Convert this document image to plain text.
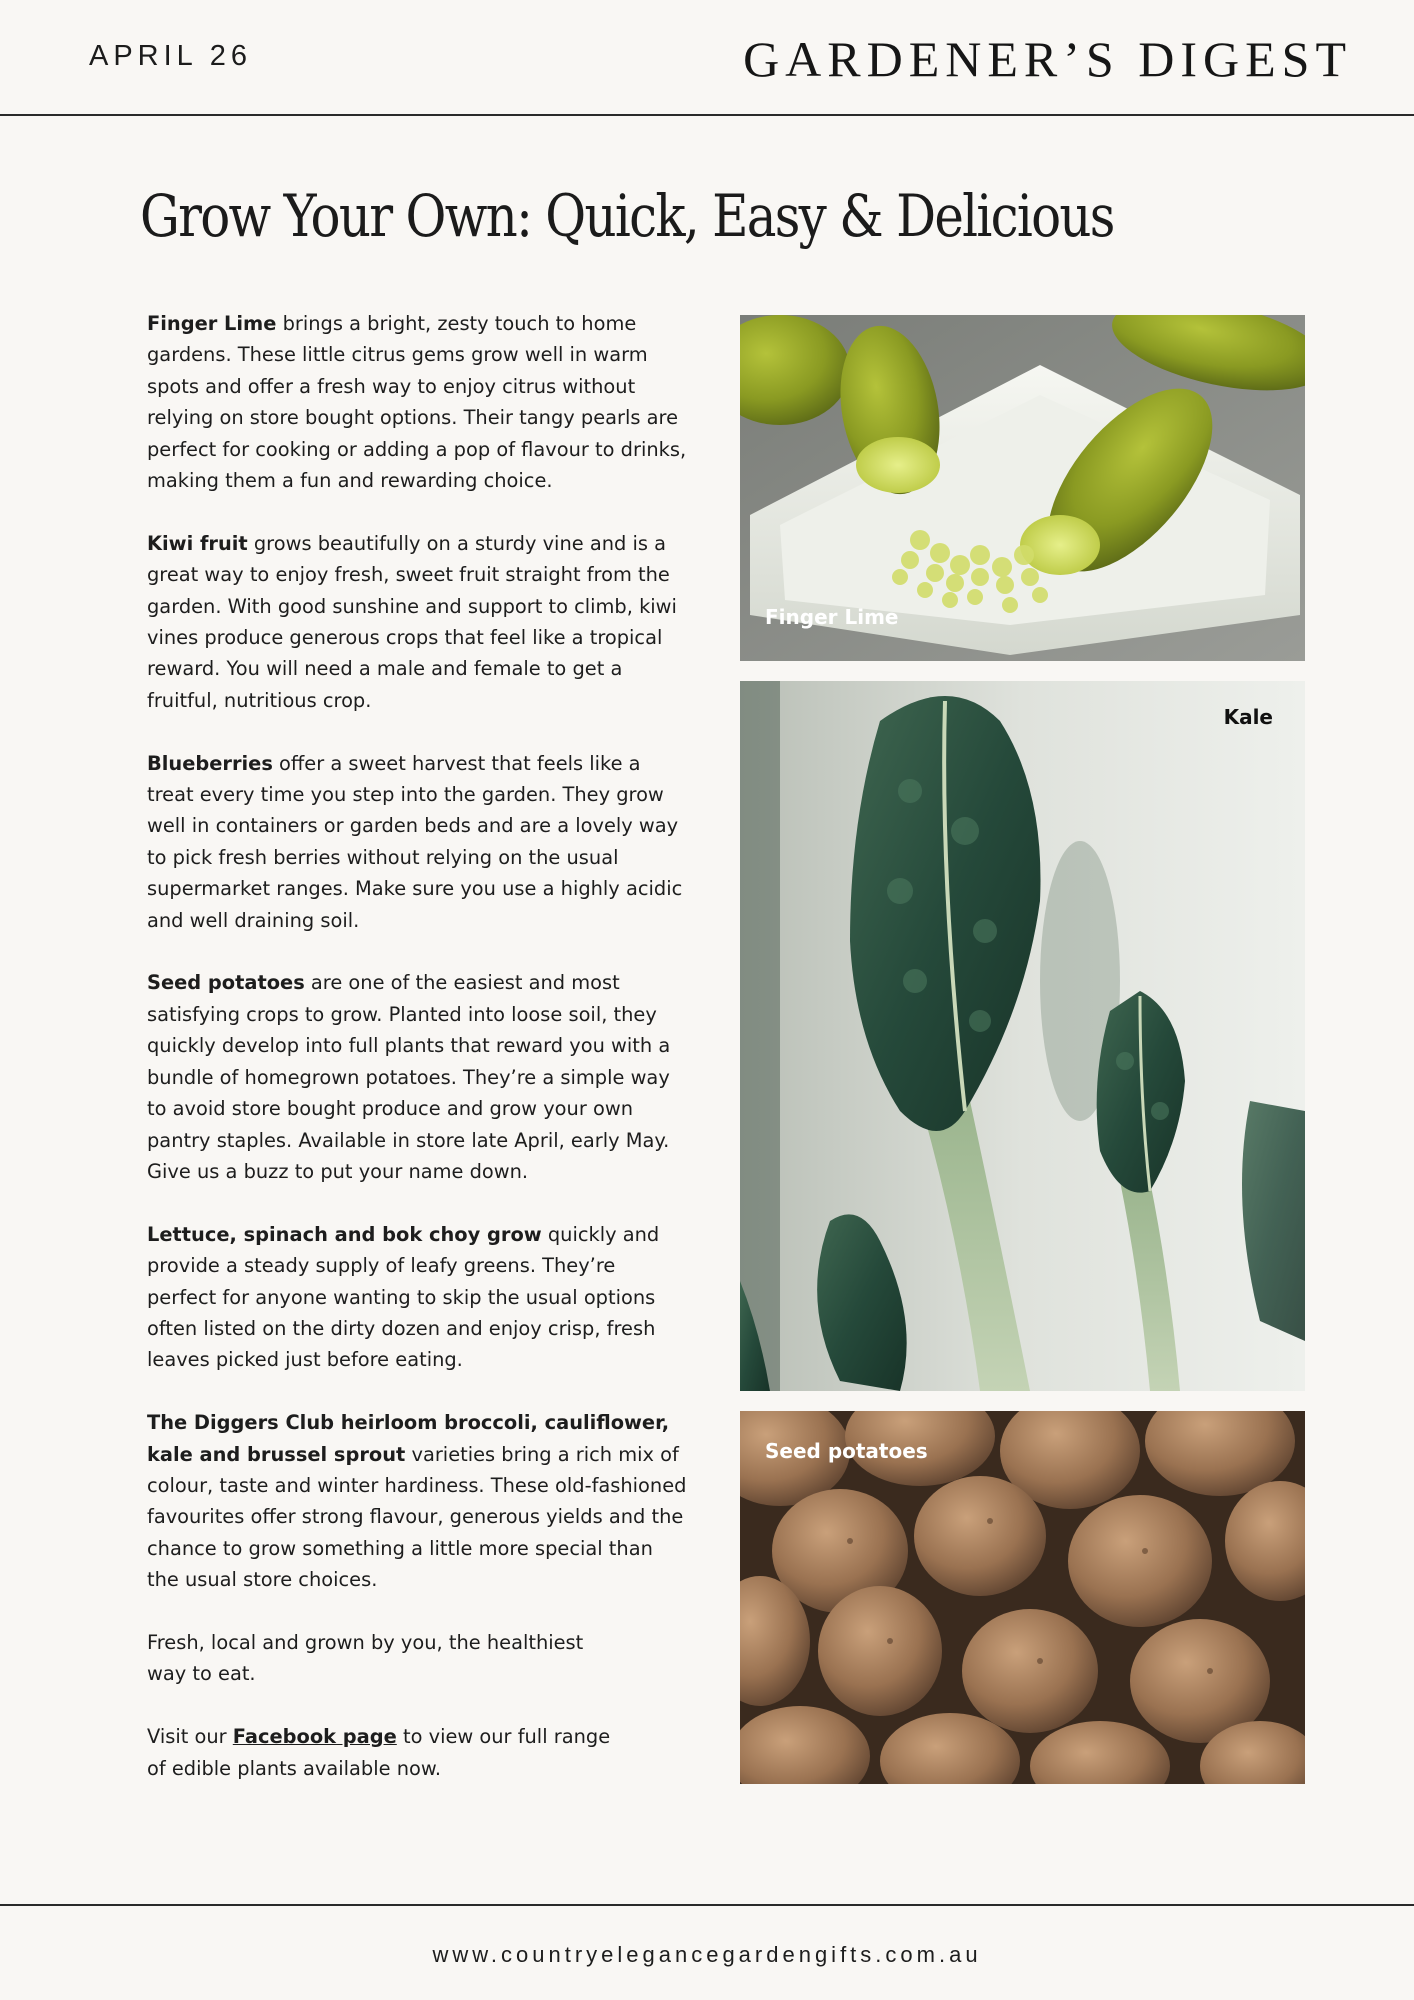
APRIL 26	GARDENER’S DIGEST
Grow Your Own: Quick, Easy & Delicious

Finger Lime brings a bright, zesty touch to home gardens. These little citrus gems grow well in warm spots and offer a fresh way to enjoy citrus without relying on store bought options. Their tangy pearls are perfect for cooking or adding a pop of flavour to drinks, making them a fun and rewarding choice.

Kiwi fruit grows beautifully on a sturdy vine and is a great way to enjoy fresh, sweet fruit straight from the garden. With good sunshine and support to climb, kiwi vines produce generous crops that feel like a tropical reward. You will need a male and female to get a fruitful, nutritious crop.

Blueberries offer a sweet harvest that feels like a treat every time you step into the garden. They grow well in containers or garden beds and are a lovely way to pick fresh berries without relying on the usual supermarket ranges. Make sure you use a highly acidic and well draining soil.

Seed potatoes are one of the easiest and most satisfying crops to grow. Planted into loose soil, they quickly develop into full plants that reward you with a bundle of homegrown potatoes. They’re a simple way to avoid store bought produce and grow your own pantry staples. Available in store late April, early May. Give us a buzz to put your name down.

Lettuce, spinach and bok choy grow quickly and provide a steady supply of leafy greens. They’re perfect for anyone wanting to skip the usual options often listed on the dirty dozen and enjoy crisp, fresh leaves picked just before eating.

The Diggers Club heirloom broccoli, cauliflower, kale and brussel sprout varieties bring a rich mix of colour, taste and winter hardiness. These old-fashioned favourites offer strong flavour, generous yields and the chance to grow something a little more special than the usual store choices.

Fresh, local and grown by you, the healthiest way to eat.

Visit our Facebook page to view our full range of edible plants available now.

Finger Lime
Kale
Seed potatoes
www.countryelegancegardengifts.com.au
